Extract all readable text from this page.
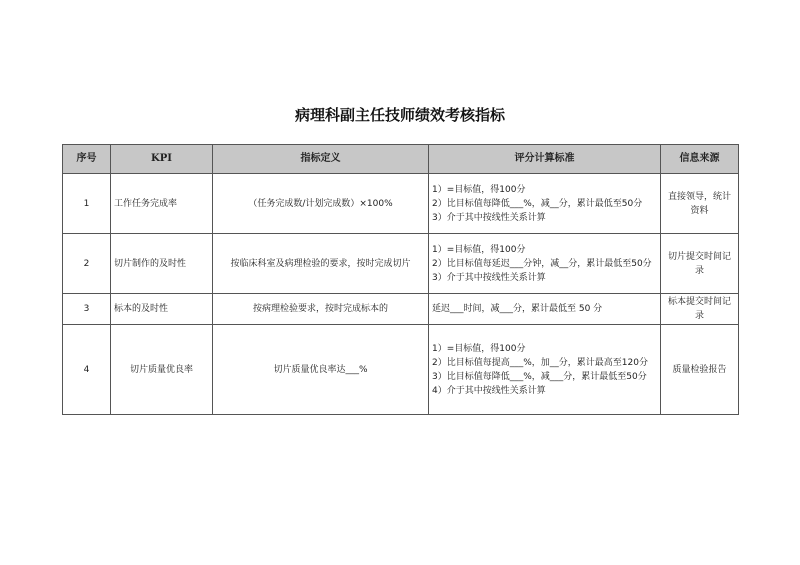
病理科副主任技师绩效考核指标
序号	KPI	指标定义	评分计算标准	信息来源
1	工作任务完成率	（任务完成数/计划完成数）×100%	1）=目标值，得100分
2）比目标值每降低___%，减__分，累计最低至50分
3）介于其中按线性关系计算	直接领导，统计资料
2	切片制作的及时性	按临床科室及病理检验的要求，按时完成切片	1）=目标值，得100分
2）比目标值每延迟___分钟，减__分，累计最低至50分
3）介于其中按线性关系计算	切片提交时间记录
3	标本的及时性	按病理检验要求，按时完成标本的	延迟___时间，减___分，累计最低至 50 分	标本提交时间记录
4	切片质量优良率	切片质量优良率达___%	1）=目标值，得100分
2）比目标值每提高___%，加__分，累计最高至120分
3）比目标值每降低___%，减___分，累计最低至50分
4）介于其中按线性关系计算	质量检验报告
